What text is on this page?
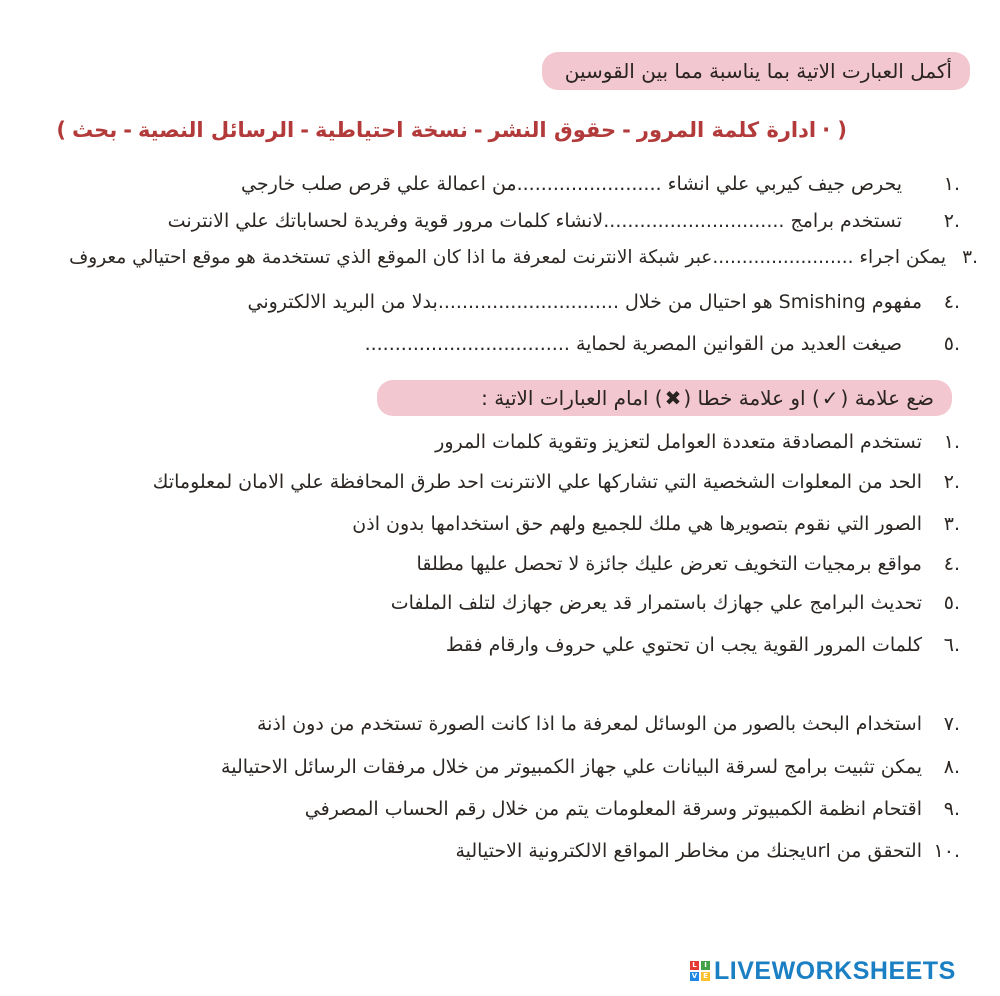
أكمل العبارت الاتية بما يناسبة مما بين القوسين
( ·
ادارة كلمة المرور
-
حقوق النشر
-
نسخة احتياطية
-
الرسائل النصية
-
بحث
)
.١
يحرص جيف كيربي علي انشاء ........................من اعمالة علي قرص صلب خارجي
.٢
تستخدم برامج ..............................لانشاء كلمات مرور قوية وفريدة لحساباتك علي الانترنت
.٣
يمكن اجراء ........................عبر شبكة الانترنت لمعرفة ما اذا كان الموقع الذي تستخدمة هو موقع احتيالي معروف
.٤
مفهوم Smishing هو احتيال من خلال ..............................بدلا من البريد الالكتروني
.٥
صيغت العديد من القوانين المصرية لحماية ..................................
ضع علامة (
✓
) او علامة خطا (
✖
) امام العبارات الاتية :
.١
تستخدم المصادقة متعددة العوامل لتعزيز وتقوية كلمات المرور
.٢
الحد من المعلوات الشخصية التي تشاركها علي الانترنت احد طرق المحافظة علي الامان لمعلوماتك
.٣
الصور التي نقوم بتصويرها هي ملك للجميع ولهم حق استخدامها بدون اذن
.٤
مواقع برمجيات التخويف تعرض عليك جائزة لا تحصل عليها مطلقا
.٥
تحديث البرامج علي جهازك باستمرار قد يعرض جهازك لتلف الملفات
.٦
كلمات المرور القوية يجب ان تحتوي علي حروف وارقام فقط
.٧
استخدام البحث بالصور من الوسائل لمعرفة ما اذا كانت الصورة تستخدم من دون اذنة
.٨
يمكن تثبيت برامج لسرقة البيانات علي جهاز الكمبيوتر من خلال مرفقات الرسائل الاحتيالية
.٩
اقتحام انظمة الكمبيوتر وسرقة المعلومات يتم من خلال رقم الحساب المصرفي
.١٠
التحقق من urlيجنك من مخاطر المواقع الالكترونية الاحتيالية
L	I
V E LIVEWORKSHEETS
